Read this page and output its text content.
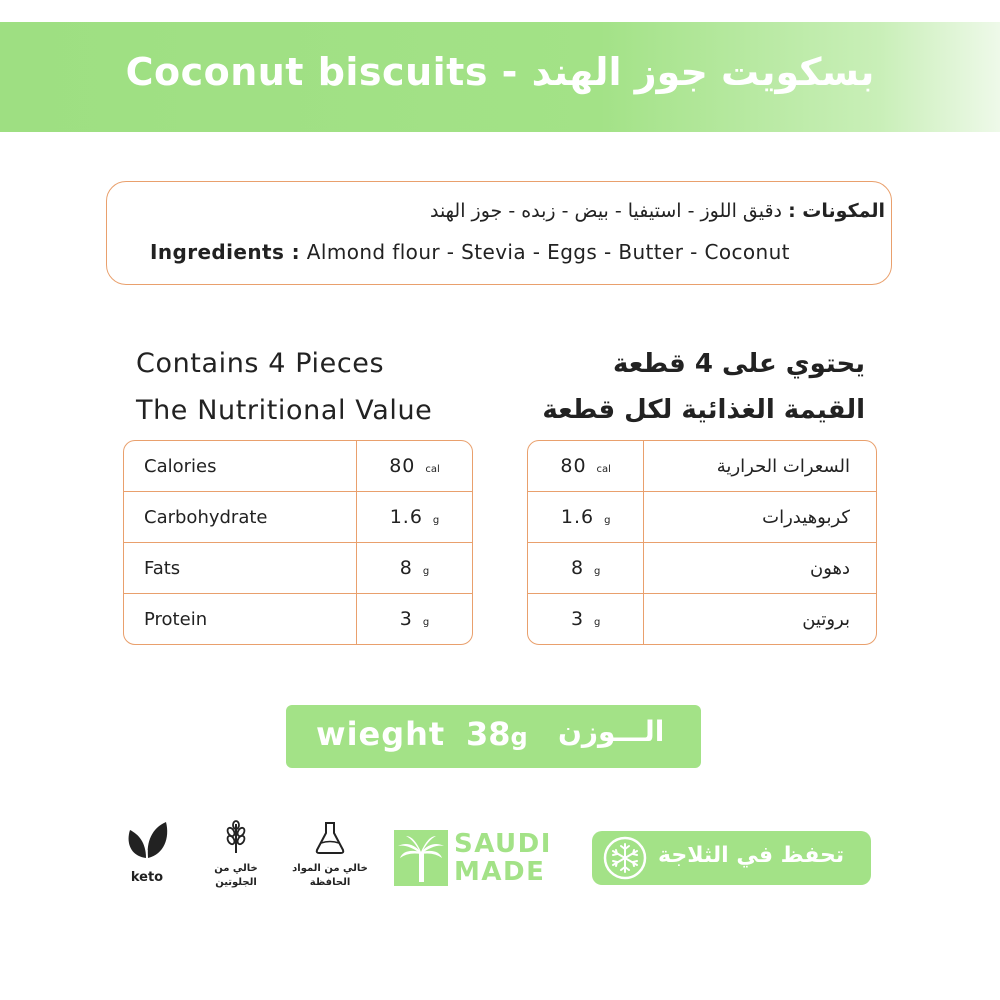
Coconut biscuits - بسكويت جوز الهند
المكونات : دقيق اللوز - استيفيا - بيض - زبده - جوز الهند
Ingredients : Almond flour - Stevia - Eggs - Butter - Coconut
Contains 4 Pieces
The Nutritional Value
يحتوي على 4 قطعة
القيمة الغذائية لكل قطعة
Calories	80 cal
Carbohydrate	1.6 g
Fats	8 g
Protein	3 g
80 cal	السعرات الحرارية
1.6 g	كربوهيدرات
8 g	دهون
3 g	بروتين
wieght 38g الـــوزن
keto
خالي من
الجلوتين
خالي من المواد
الحافظة
SAUDI
MADE
تحفظ في الثلاجة
